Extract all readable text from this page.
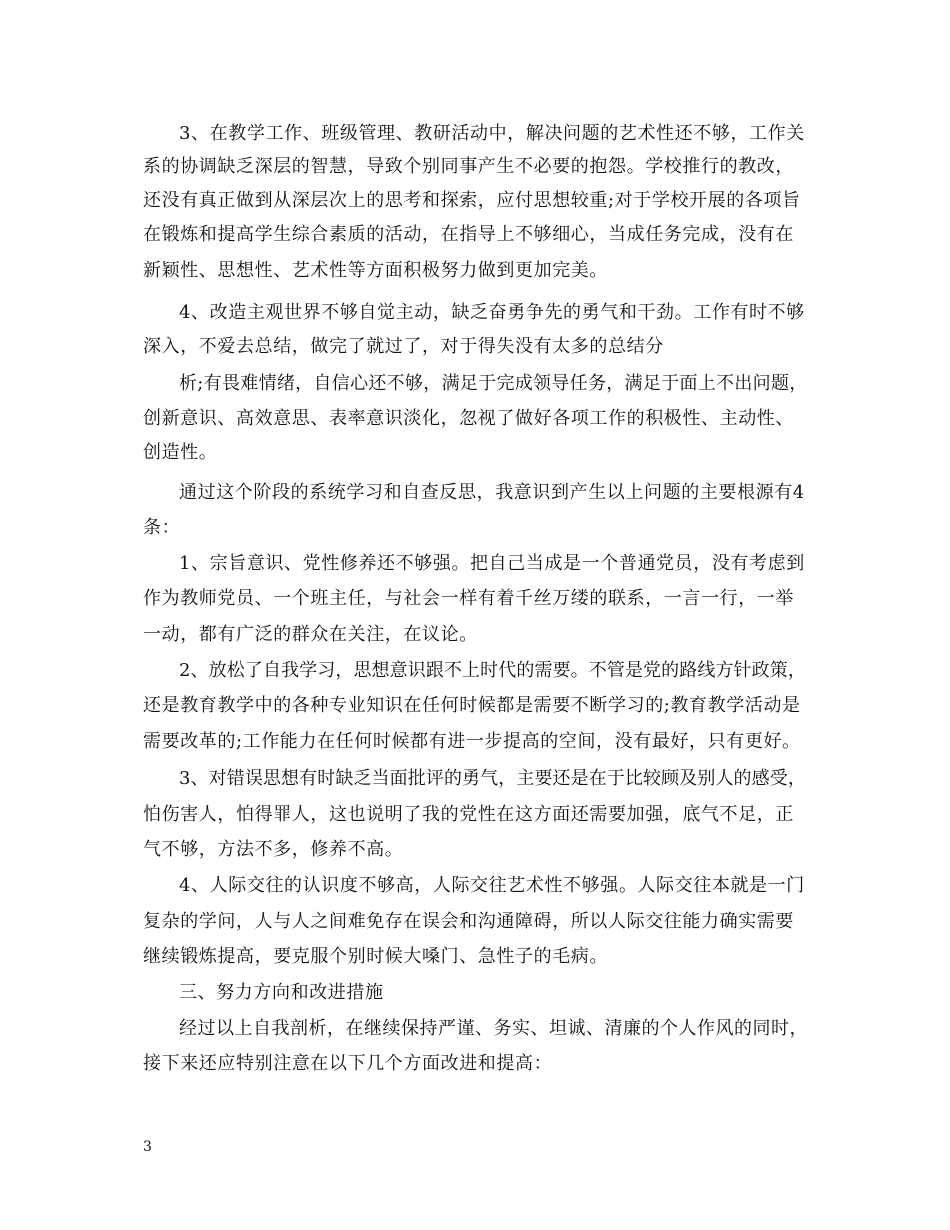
3、在教学工作、班级管理、教研活动中，解决问题的艺术性还不够，工作关
系的协调缺乏深层的智慧，导致个别同事产生不必要的抱怨。学校推行的教改，
还没有真正做到从深层次上的思考和探索，应付思想较重;对于学校开展的各项旨
在锻炼和提高学生综合素质的活动，在指导上不够细心，当成任务完成，没有在
新颖性、思想性、艺术性等方面积极努力做到更加完美。
4、改造主观世界不够自觉主动，缺乏奋勇争先的勇气和干劲。工作有时不够
深入，不爱去总结，做完了就过了，对于得失没有太多的总结分
析;有畏难情绪，自信心还不够，满足于完成领导任务，满足于面上不出问题，
创新意识、高效意思、表率意识淡化，忽视了做好各项工作的积极性、主动性、
创造性。
通过这个阶段的系统学习和自查反思，我意识到产生以上问题的主要根源有4
条：
1、宗旨意识、党性修养还不够强。把自己当成是一个普通党员，没有考虑到
作为教师党员、一个班主任，与社会一样有着千丝万缕的联系，一言一行，一举
一动，都有广泛的群众在关注，在议论。
2、放松了自我学习，思想意识跟不上时代的需要。不管是党的路线方针政策，
还是教育教学中的各种专业知识在任何时候都是需要不断学习的;教育教学活动是
需要改革的;工作能力在任何时候都有进一步提高的空间，没有最好，只有更好。
3、对错误思想有时缺乏当面批评的勇气，主要还是在于比较顾及别人的感受，
怕伤害人，怕得罪人，这也说明了我的党性在这方面还需要加强，底气不足，正
气不够，方法不多，修养不高。
4、人际交往的认识度不够高，人际交往艺术性不够强。人际交往本就是一门
复杂的学问，人与人之间难免存在误会和沟通障碍，所以人际交往能力确实需要
继续锻炼提高，要克服个别时候大嗓门、急性子的毛病。
三、努力方向和改进措施
经过以上自我剖析，在继续保持严谨、务实、坦诚、清廉的个人作风的同时，
接下来还应特别注意在以下几个方面改进和提高：
3
